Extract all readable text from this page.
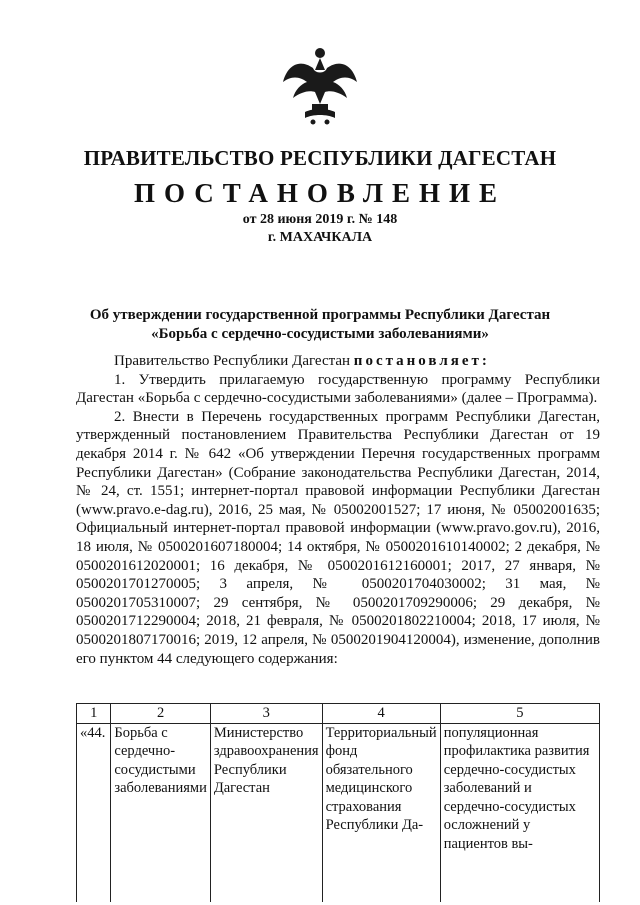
ПРАВИТЕЛЬСТВО РЕСПУБЛИКИ ДАГЕСТАН
ПОСТАНОВЛЕНИЕ
от 28 июня 2019 г. № 148
г. МАХАЧКАЛА
Об утверждении государственной программы Республики Дагестан
«Борьба с сердечно-сосудистыми заболеваниями»

Правительство Республики Дагестан постановляет:

1. Утвердить прилагаемую государственную программу Республики Дагестан «Борьба с сердечно-сосудистыми заболеваниями» (далее – Программа).

2. Внести в Перечень государственных программ Республики Дагестан, утвержденный постановлением Правительства Республики Дагестан от 19 декабря 2014 г. № 642 «Об утверждении Перечня государственных программ Республики Дагестан» (Собрание законодательства Республики Дагестан, 2014, № 24, ст. 1551; интернет-портал правовой информации Республики Дагестан (www.pravo.e-dag.ru), 2016, 25 мая, № 05002001527; 17 июня, № 05002001635; Официальный интернет-портал правовой информации (www.pravo.gov.ru), 2016, 18 июля, № 0500201607180004; 14 октября, № 0500201610140002; 2 декабря, № 0500201612020001; 16 декабря, № 0500201612160001; 2017, 27 января, № 0500201701270005; 3 апреля, № 0500201704030002; 31 мая, № 0500201705310007; 29 сентября, № 0500201709290006; 29 декабря, № 0500201712290004; 2018, 21 февраля, № 0500201802210004; 2018, 17 июля, № 0500201807170016; 2019, 12 апреля, № 0500201904120004), изменение, дополнив его пунктом 44 следующего содержания:

1	2	3	4	5
«44.	Борьба с сердечно-сосудистыми заболеваниями	Министерство здравоохранения Республики Дагестан	Территориальный фонд обязательного медицинского страхования Республики Да-	популяционная профилактика развития сердечно-сосудистых заболеваний и сердечно-сосудистых осложнений у пациентов вы-
